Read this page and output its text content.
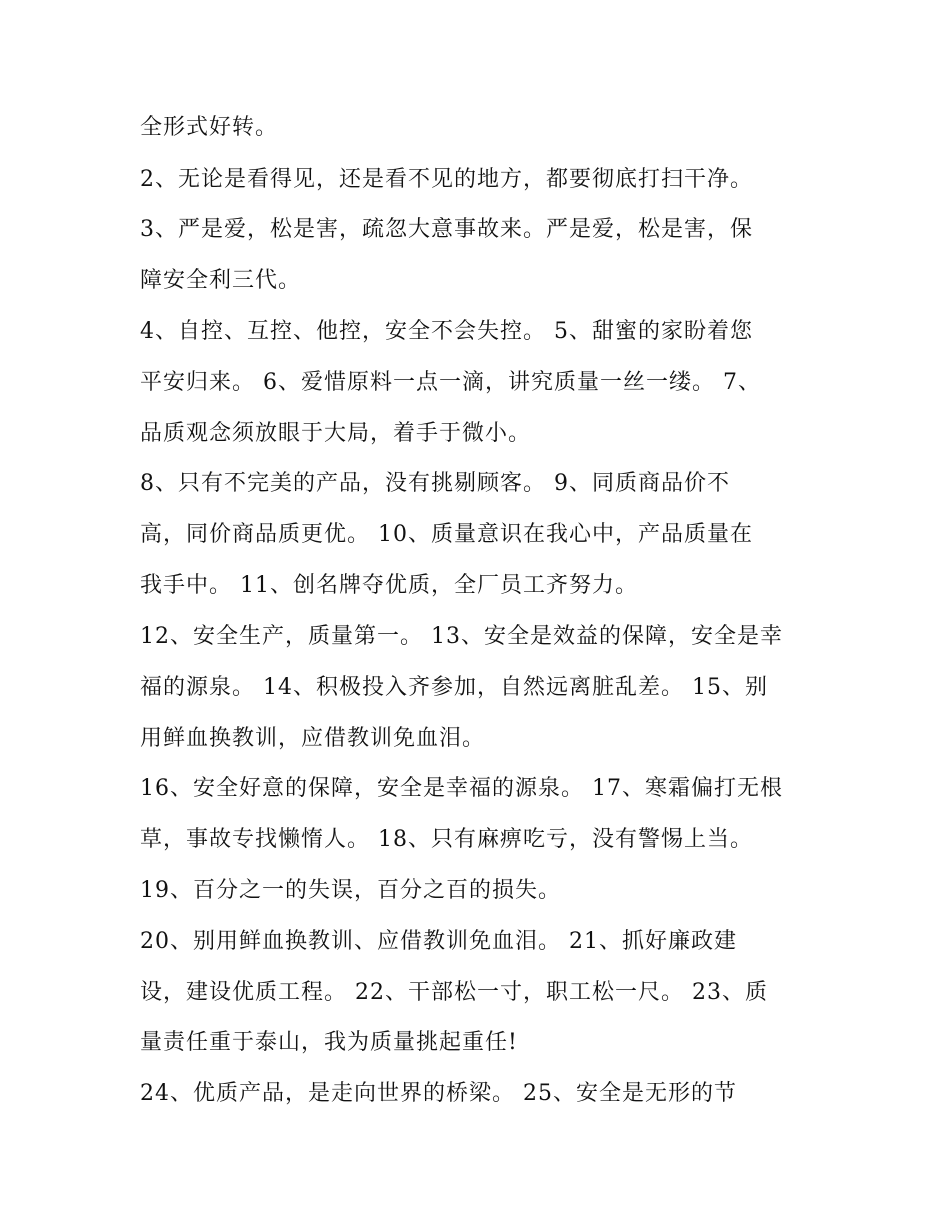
全形式好转。
2、无论是看得见，还是看不见的地方，都要彻底打扫干净。
3、严是爱，松是害，疏忽大意事故来。严是爱，松是害，保
障安全利三代。
4、自控、互控、他控，安全不会失控。 5、甜蜜的家盼着您
平安归来。 6、爱惜原料一点一滴，讲究质量一丝一缕。 7、
品质观念须放眼于大局，着手于微小。
8、只有不完美的产品，没有挑剔顾客。 9、同质商品价不
高，同价商品质更优。 10、质量意识在我心中，产品质量在
我手中。 11、创名牌夺优质，全厂员工齐努力。
12、安全生产，质量第一。 13、安全是效益的保障，安全是幸
福的源泉。 14、积极投入齐参加，自然远离脏乱差。 15、别
用鲜血换教训，应借教训免血泪。
16、安全好意的保障，安全是幸福的源泉。 17、寒霜偏打无根
草，事故专找懒惰人。 18、只有麻痹吃亏，没有警惕上当。
19、百分之一的失误，百分之百的损失。
20、别用鲜血换教训、应借教训免血泪。 21、抓好廉政建
设，建设优质工程。 22、干部松一寸，职工松一尺。 23、质
量责任重于泰山，我为质量挑起重任!
24、优质产品，是走向世界的桥梁。 25、安全是无形的节
